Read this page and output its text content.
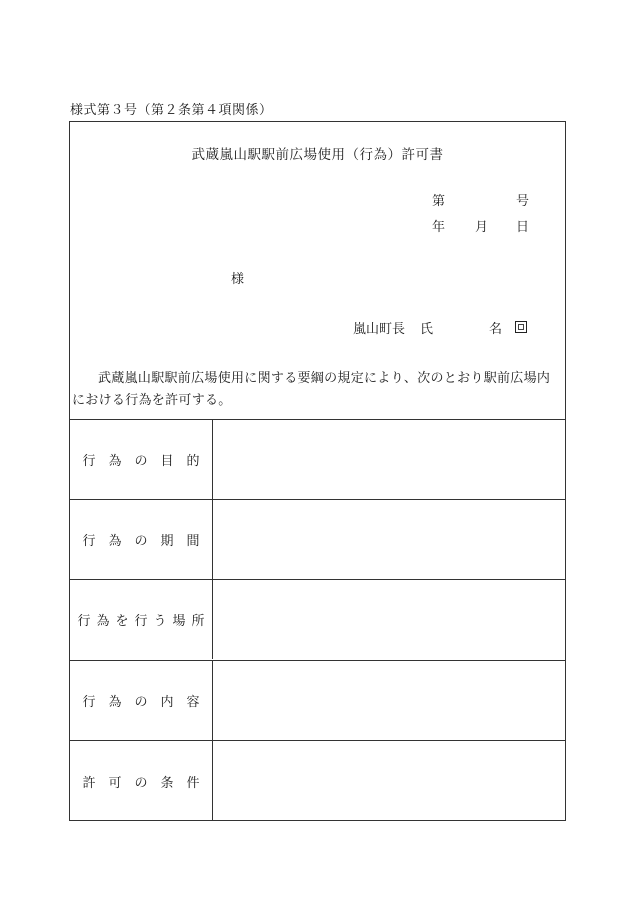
様式第３号（第２条第４項関係）
武蔵嵐山駅駅前広場使用（行為）許可書
第	号
年 月 日
様
嵐山町長 氏	名
武蔵嵐山駅駅前広場使用に関する要綱の規定により、次のとおり駅前広場内における行為を許可する。
行為の目的
行為の期間
行為を行う場所
行為の内容
許可の条件
